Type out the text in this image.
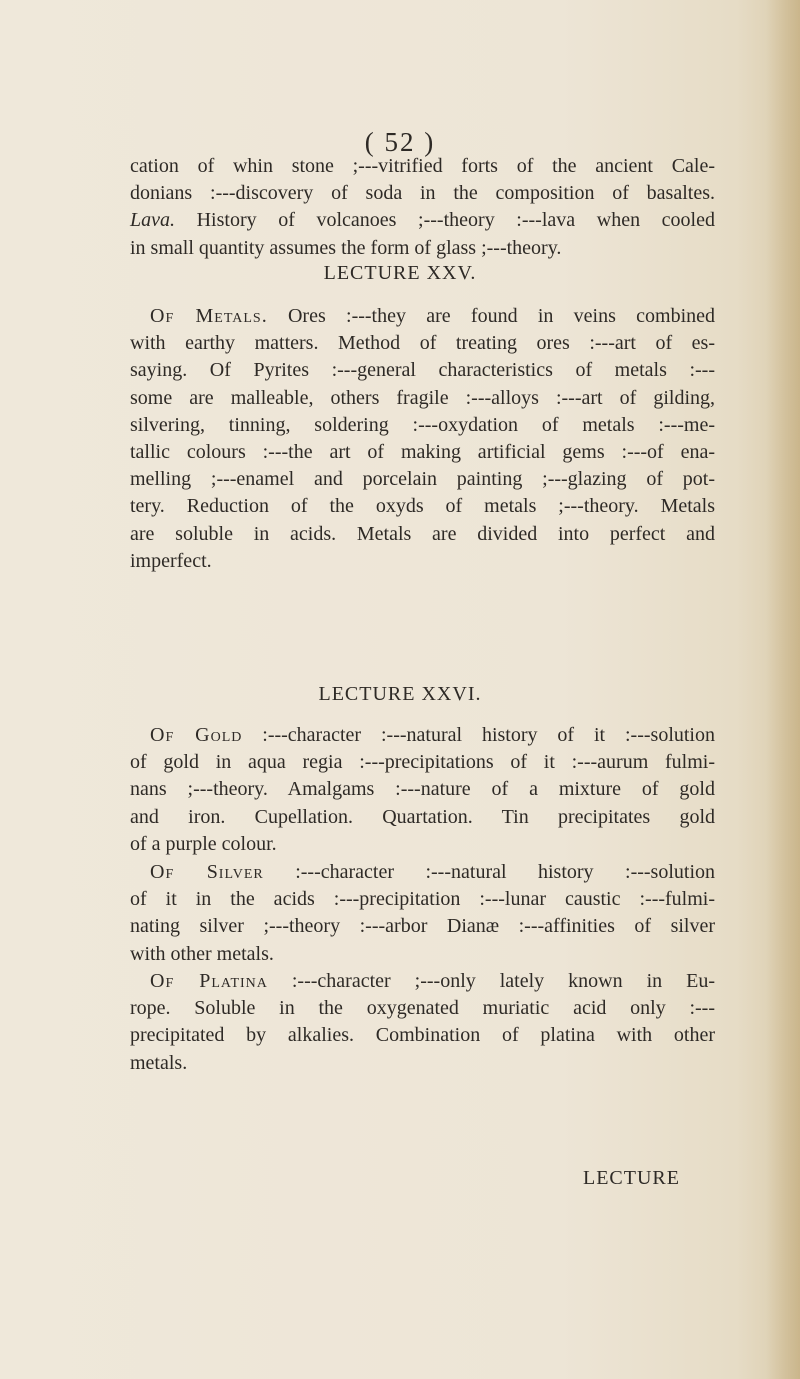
( 52 )
cation of whin stone ;---vitrified forts of the ancient Cale-
donians :---discovery of soda in the composition of basaltes.
Lava. History of volcanoes ;---theory :---lava when cooled
in small quantity assumes the form of glass ;---theory.
LECTURE XXV.
 Of Metals. Ores :---they are found in veins combined
with earthy matters. Method of treating ores :---art of es-
saying. Of Pyrites :---general characteristics of metals :---
some are malleable, others fragile :---alloys :---art of gilding,
silvering, tinning, soldering :---oxydation of metals :---me-
tallic colours :---the art of making artificial gems :---of ena-
melling ;---enamel and porcelain painting ;---glazing of pot-
tery. Reduction of the oxyds of metals ;---theory. Metals
are soluble in acids. Metals are divided into perfect and
imperfect.
LECTURE XXVI.
 Of Gold :---character :---natural history of it :---solution
of gold in aqua regia :---precipitations of it :---aurum fulmi-
nans ;---theory. Amalgams :---nature of a mixture of gold
and iron. Cupellation. Quartation. Tin precipitates gold
of a purple colour.
 Of Silver :---character :---natural history :---solution
of it in the acids :---precipitation :---lunar caustic :---fulmi-
nating silver ;---theory :---arbor Dianæ :---affinities of silver
with other metals.
 Of Platina :---character ;---only lately known in Eu-
rope. Soluble in the oxygenated muriatic acid only :---
precipitated by alkalies. Combination of platina with other
metals.
LECTURE
